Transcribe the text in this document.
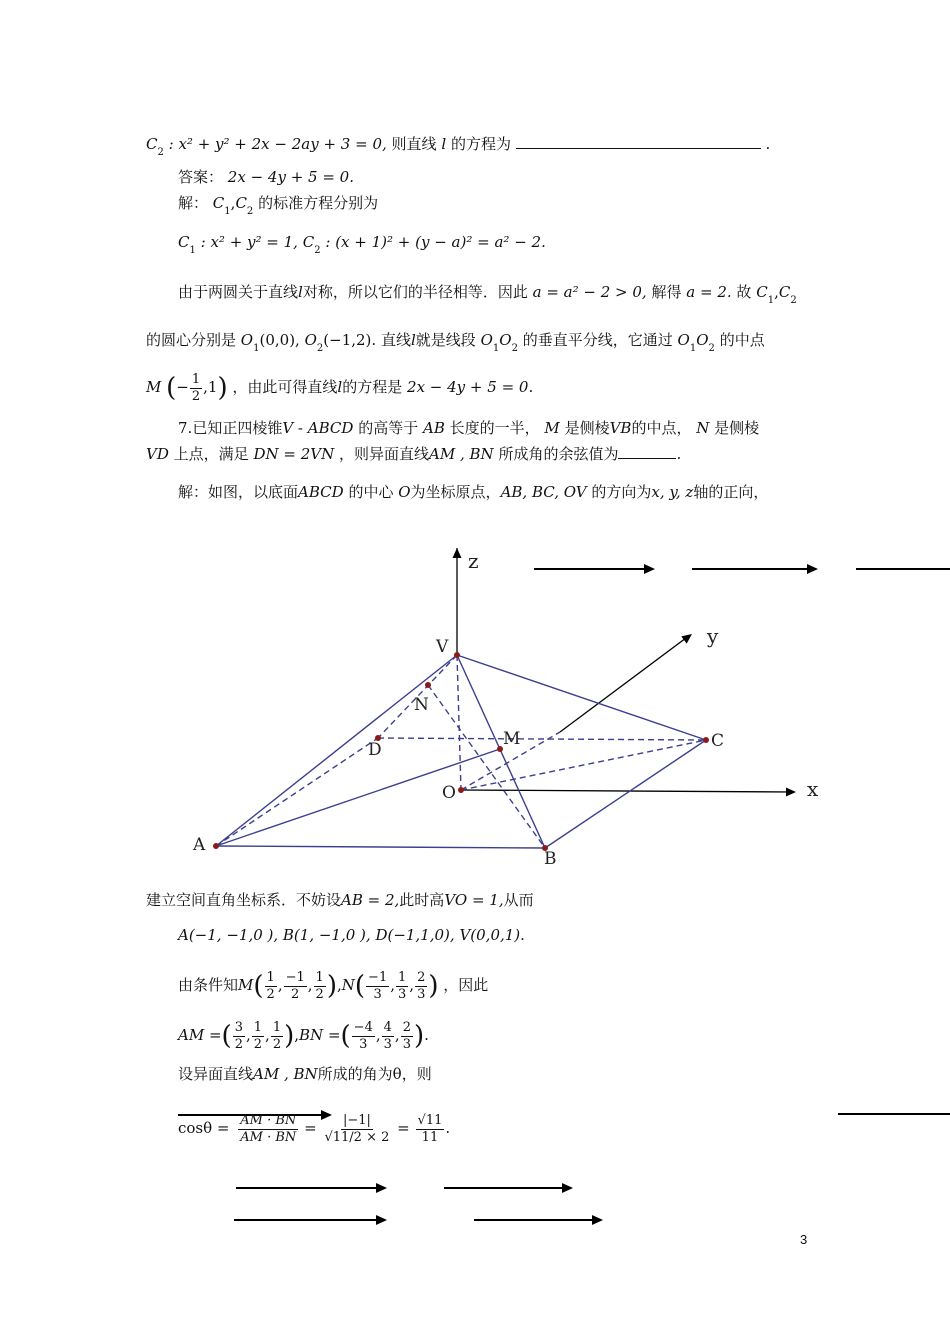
$C_2$ : x² + y² + 2x − 2ay + 3 = 0, 则直线 l 的方程为	.
答案： 2x − 4y + 5 = 0.
解： $C_1,C_2$ 的标准方程分别为
$C_1$ : x² + y² = 1, $C_2$ : (x + 1)² + (y − a)² = a² − 2.
由于两圆关于直线l对称，所以它们的半径相等．因此 a = a² − 2 > 0, 解得 a = 2. 故 $C_1,C_2$
的圆心分别是 $O_1(0,0)$, $O_2(-1,2)$. 直线l就是线段 $O_1O_2$ 的垂直平分线，它通过 $O_1O_2$ 的中点
M (− $\frac{1}{2} ,1$) ，由此可得直线l的方程是 2x − 4y + 5 = 0.
7.已知正四棱锥V - ABCD 的高等于 AB 长度的一半， M 是侧棱VB的中点， N 是侧棱
VD 上点，满足 DN = 2VN ，则异面直线AM , BN 所成角的余弦值为	.
解：如图，以底面ABCD 的中心 O为坐标原点，AB, BC, OV 的方向为x, y, z轴的正向，
z
y
x
V
N
D
M	C
O
A
B
建立空间直角坐标系．不妨设AB = 2,此时高VO = 1,从而
A(−1, −1,0 ), B(1, −1,0 ), D(−1,1,0), V(0,0,1).
由条件知$M( \frac{1}{2}$ , $\frac{-1}{2}$ , $\frac{1}{2} ),N( \frac{-1}{3}$ , $\frac{1}{3}$ , $\frac{2}{3}$ ) ，因此
AM =( $\frac{3}{2}$ , $\frac{1}{2}$ , $\frac{1}{2} ),BN$ =( $\frac{-4}{3}$ , $\frac{4}{3}$ , $\frac{2}{3}$ ).
设异面直线AM , BN所成的角为θ，则
$\cos\theta = \frac{AM \cdot BN}{AM \cdot BN} = \frac{|-1|}{√11/2 \times 2} = \frac{√11}{11}$ .
3
